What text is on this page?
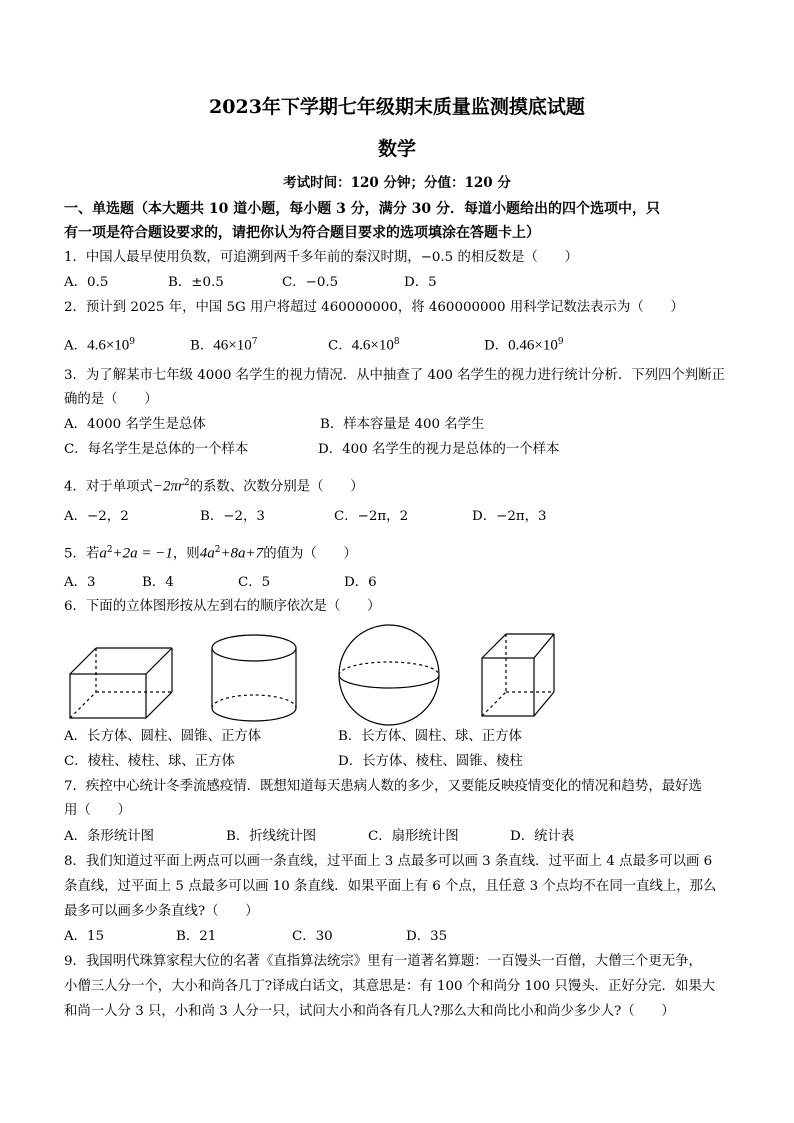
2023年下学期七年级期末质量监测摸底试题
数学
考试时间：120 分钟；分值：120 分
一、单选题（本大题共 10 道小题，每小题 3 分，满分 30 分．每道小题给出的四个选项中，只
有一项是符合题设要求的，请把你认为符合题目要求的选项填涂在答题卡上）
1．中国人最早使用负数，可追溯到两千多年前的秦汉时期，−0.5 的相反数是（　　）
A．0.5	B．±0.5	C．−0.5	D．5
2．预计到 2025 年，中国 5G 用户将超过 460000000，将 460000000 用科学记数法表示为（　　）
A．$4.6\times 10^9$	B．$46\times 10^7$	C．$4.6\times 10^8$	D．$0.46\times 10^9$
3．为了解某市七年级 4000 名学生的视力情况．从中抽查了 400 名学生的视力进行统计分析．下列四个判断正
确的是（　　）
A．4000 名学生是总体	B．样本容量是 400 名学生
C．每名学生是总体的一个样本	D．400 名学生的视力是总体的一个样本
4．对于单项式$-2\pi r^2$的系数、次数分别是（　　）
A．−2，2	B．−2，3	C．−2π，2	D．−2π，3
5．若$a^2+2a = -1$，则$4a^2+8a+7$的值为（　　）
A．3	B．4	C．5	D．6
6．下面的立体图形按从左到右的顺序依次是（　　）
A．长方体、圆柱、圆锥、正方体	B．长方体、圆柱、球、正方体
C．棱柱、棱柱、球、正方体	D．长方体、棱柱、圆锥、棱柱
7．疾控中心统计冬季流感疫情．既想知道每天患病人数的多少，又要能反映疫情变化的情况和趋势，最好选
用（　　）
A．条形统计图	B．折线统计图	C．扇形统计图	D．统计表
8．我们知道过平面上两点可以画一条直线，过平面上 3 点最多可以画 3 条直线．过平面上 4 点最多可以画 6
条直线，过平面上 5 点最多可以画 10 条直线．如果平面上有 6 个点，且任意 3 个点均不在同一直线上，那么
最多可以画多少条直线?（　　）
A．15	B．21	C．30	D．35
9．我国明代珠算家程大位的名著《直指算法统宗》里有一道著名算题：一百馒头一百僧，大僧三个更无争，
小僧三人分一个，大小和尚各几丁?译成白话文，其意思是：有 100 个和尚分 100 只馒头．正好分完．如果大
和尚一人分 3 只，小和尚 3 人分一只，试问大小和尚各有几人?那么大和尚比小和尚少多少人?（　　）
